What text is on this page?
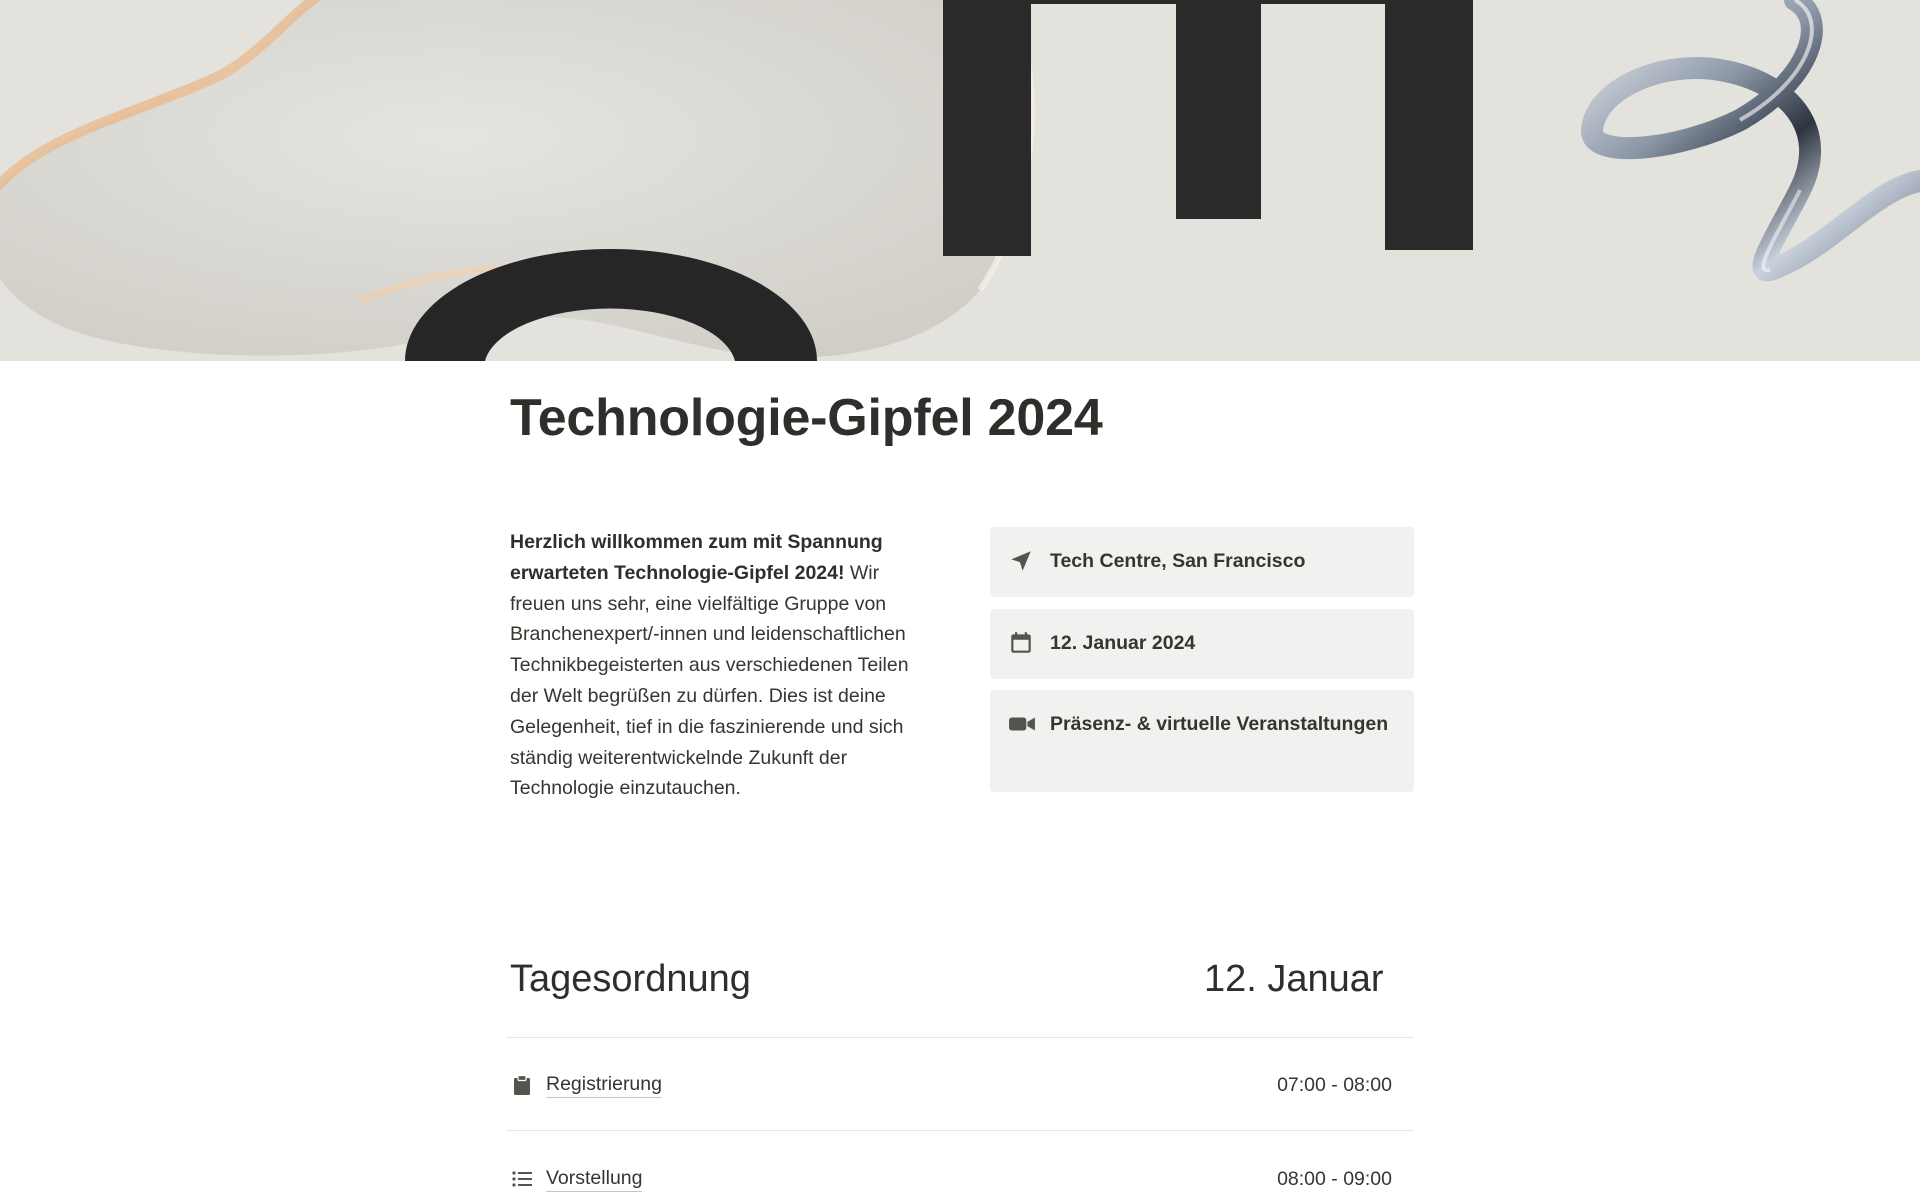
Technologie-Gipfel 2024
Herzlich willkommen zum mit Spannung erwarteten Technologie-Gipfel 2024! Wir freuen uns sehr, eine vielfältige Gruppe von Branchenexpert/-innen und leidenschaftlichen Technikbegeisterten aus verschiedenen Teilen der Welt begrüßen zu dürfen. Dies ist deine Gelegenheit, tief in die faszinierende und sich ständig weiterentwickelnde Zukunft der Technologie einzutauchen.
Tech Centre, San Francisco
12. Januar 2024
Präsenz- & virtuelle Veranstaltungen
Tagesordnung	12. Januar
Registrierung	07:00 - 08:00
Vorstellung	08:00 - 09:00
